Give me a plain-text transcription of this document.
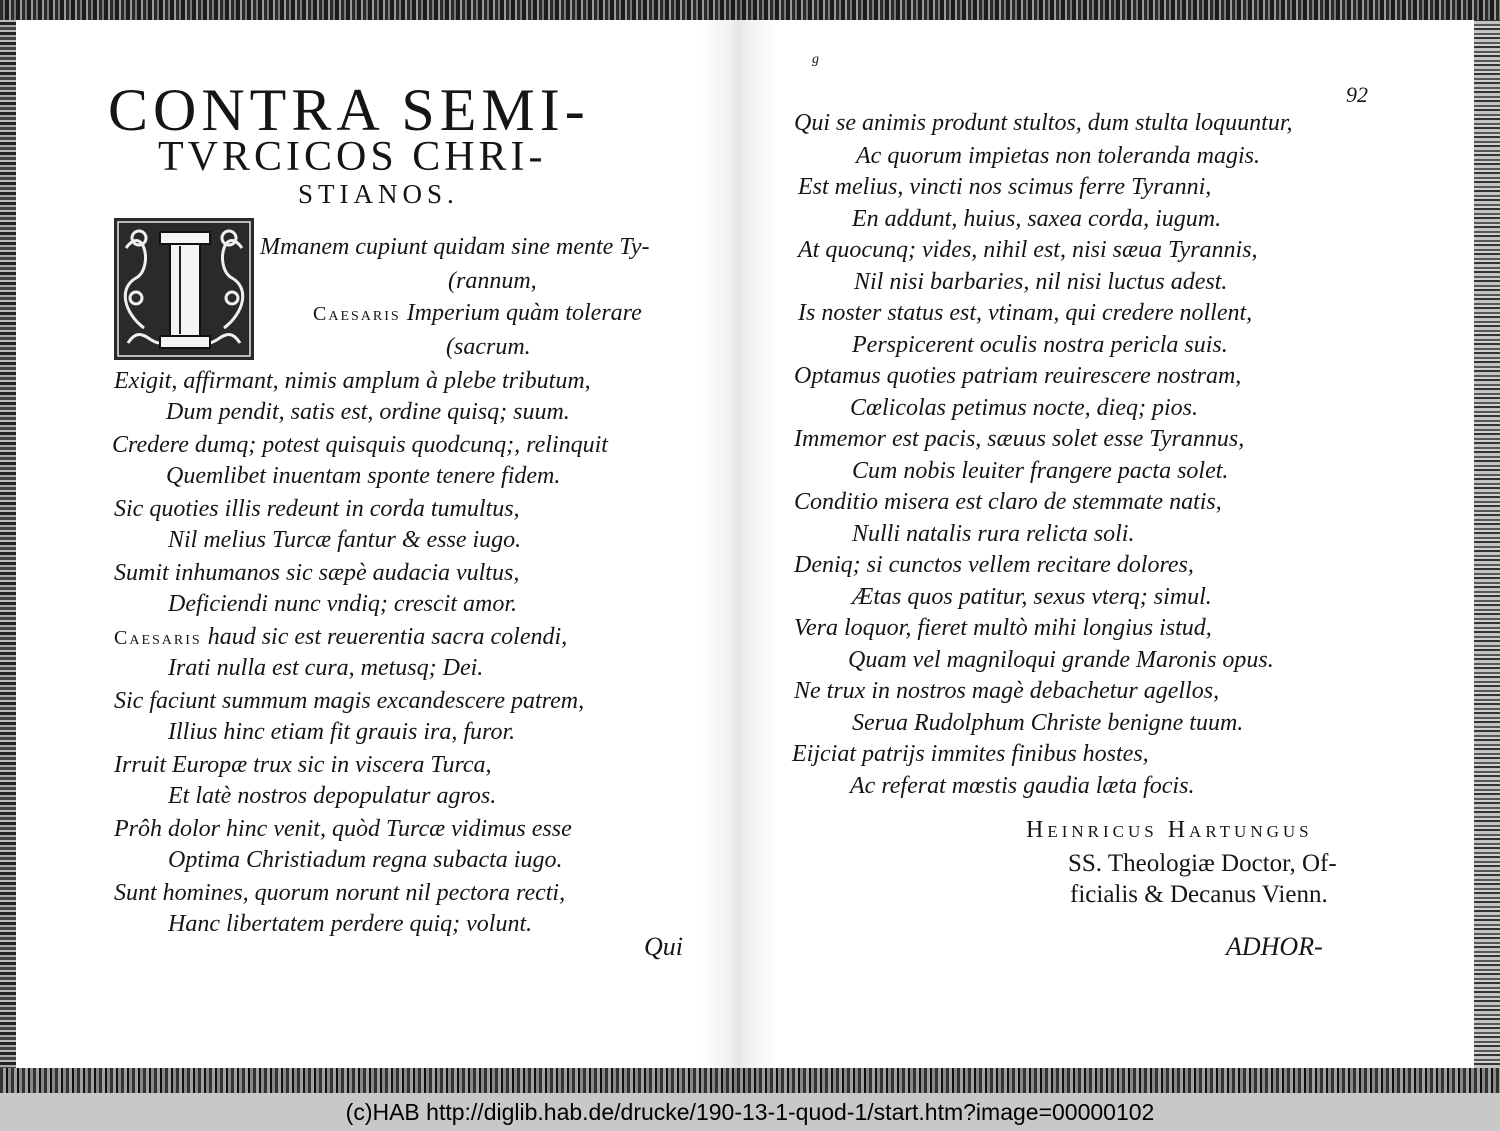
CONTRA SEMI-
TVRCICOS CHRI-
STIANOS.
Mmanem cupiunt quidam sine mente Ty-
(rannum,
Caesaris Imperium quàm tolerare
(sacrum.
Exigit, affirmant, nimis amplum à plebe tributum,
Dum pendit, satis est, ordine quisq; suum.
Credere dumq; potest quisquis quodcunq;, relinquit
Quemlibet inuentam sponte tenere fidem.
Sic quoties illis redeunt in corda tumultus,
Nil melius Turcæ fantur & esse iugo.
Sumit inhumanos sic sæpè audacia vultus,
Deficiendi nunc vndiq; crescit amor.
Caesaris haud sic est reuerentia sacra colendi,
Irati nulla est cura, metusq; Dei.
Sic faciunt summum magis excandescere patrem,
Illius hinc etiam fit grauis ira, furor.
Irruit Europæ trux sic in viscera Turca,
Et latè nostros depopulatur agros.
Prôh dolor hinc venit, quòd Turcæ vidimus esse
Optima Christiadum regna subacta iugo.
Sunt homines, quorum norunt nil pectora recti,
Hanc libertatem perdere quiq; volunt.
Qui
g
92
Qui se animis produnt stultos, dum stulta loquuntur,
Ac quorum impietas non toleranda magis.
Est melius, vincti nos scimus ferre Tyranni,
En addunt, huius, saxea corda, iugum.
At quocunq; vides, nihil est, nisi sæua Tyrannis,
Nil nisi barbaries, nil nisi luctus adest.
Is noster status est, vtinam, qui credere nollent,
Perspicerent oculis nostra pericla suis.
Optamus quoties patriam reuirescere nostram,
Cœlicolas petimus nocte, dieq; pios.
Immemor est pacis, sæuus solet esse Tyrannus,
Cum nobis leuiter frangere pacta solet.
Conditio misera est claro de stemmate natis,
Nulli natalis rura relicta soli.
Deniq; si cunctos vellem recitare dolores,
Ætas quos patitur, sexus vterq; simul.
Vera loquor, fieret multò mihi longius istud,
Quam vel magniloqui grande Maronis opus.
Ne trux in nostros magè debachetur agellos,
Serua Rudolphum Christe benigne tuum.
Eijciat patrijs immites finibus hostes,
Ac referat mœstis gaudia læta focis.
Heinricus Hartungus
SS. Theologiæ Doctor, Of-
ficialis & Decanus Vienn.
ADHOR-
(c)HAB http://diglib.hab.de/drucke/190-13-1-quod-1/start.htm?image=00000102
